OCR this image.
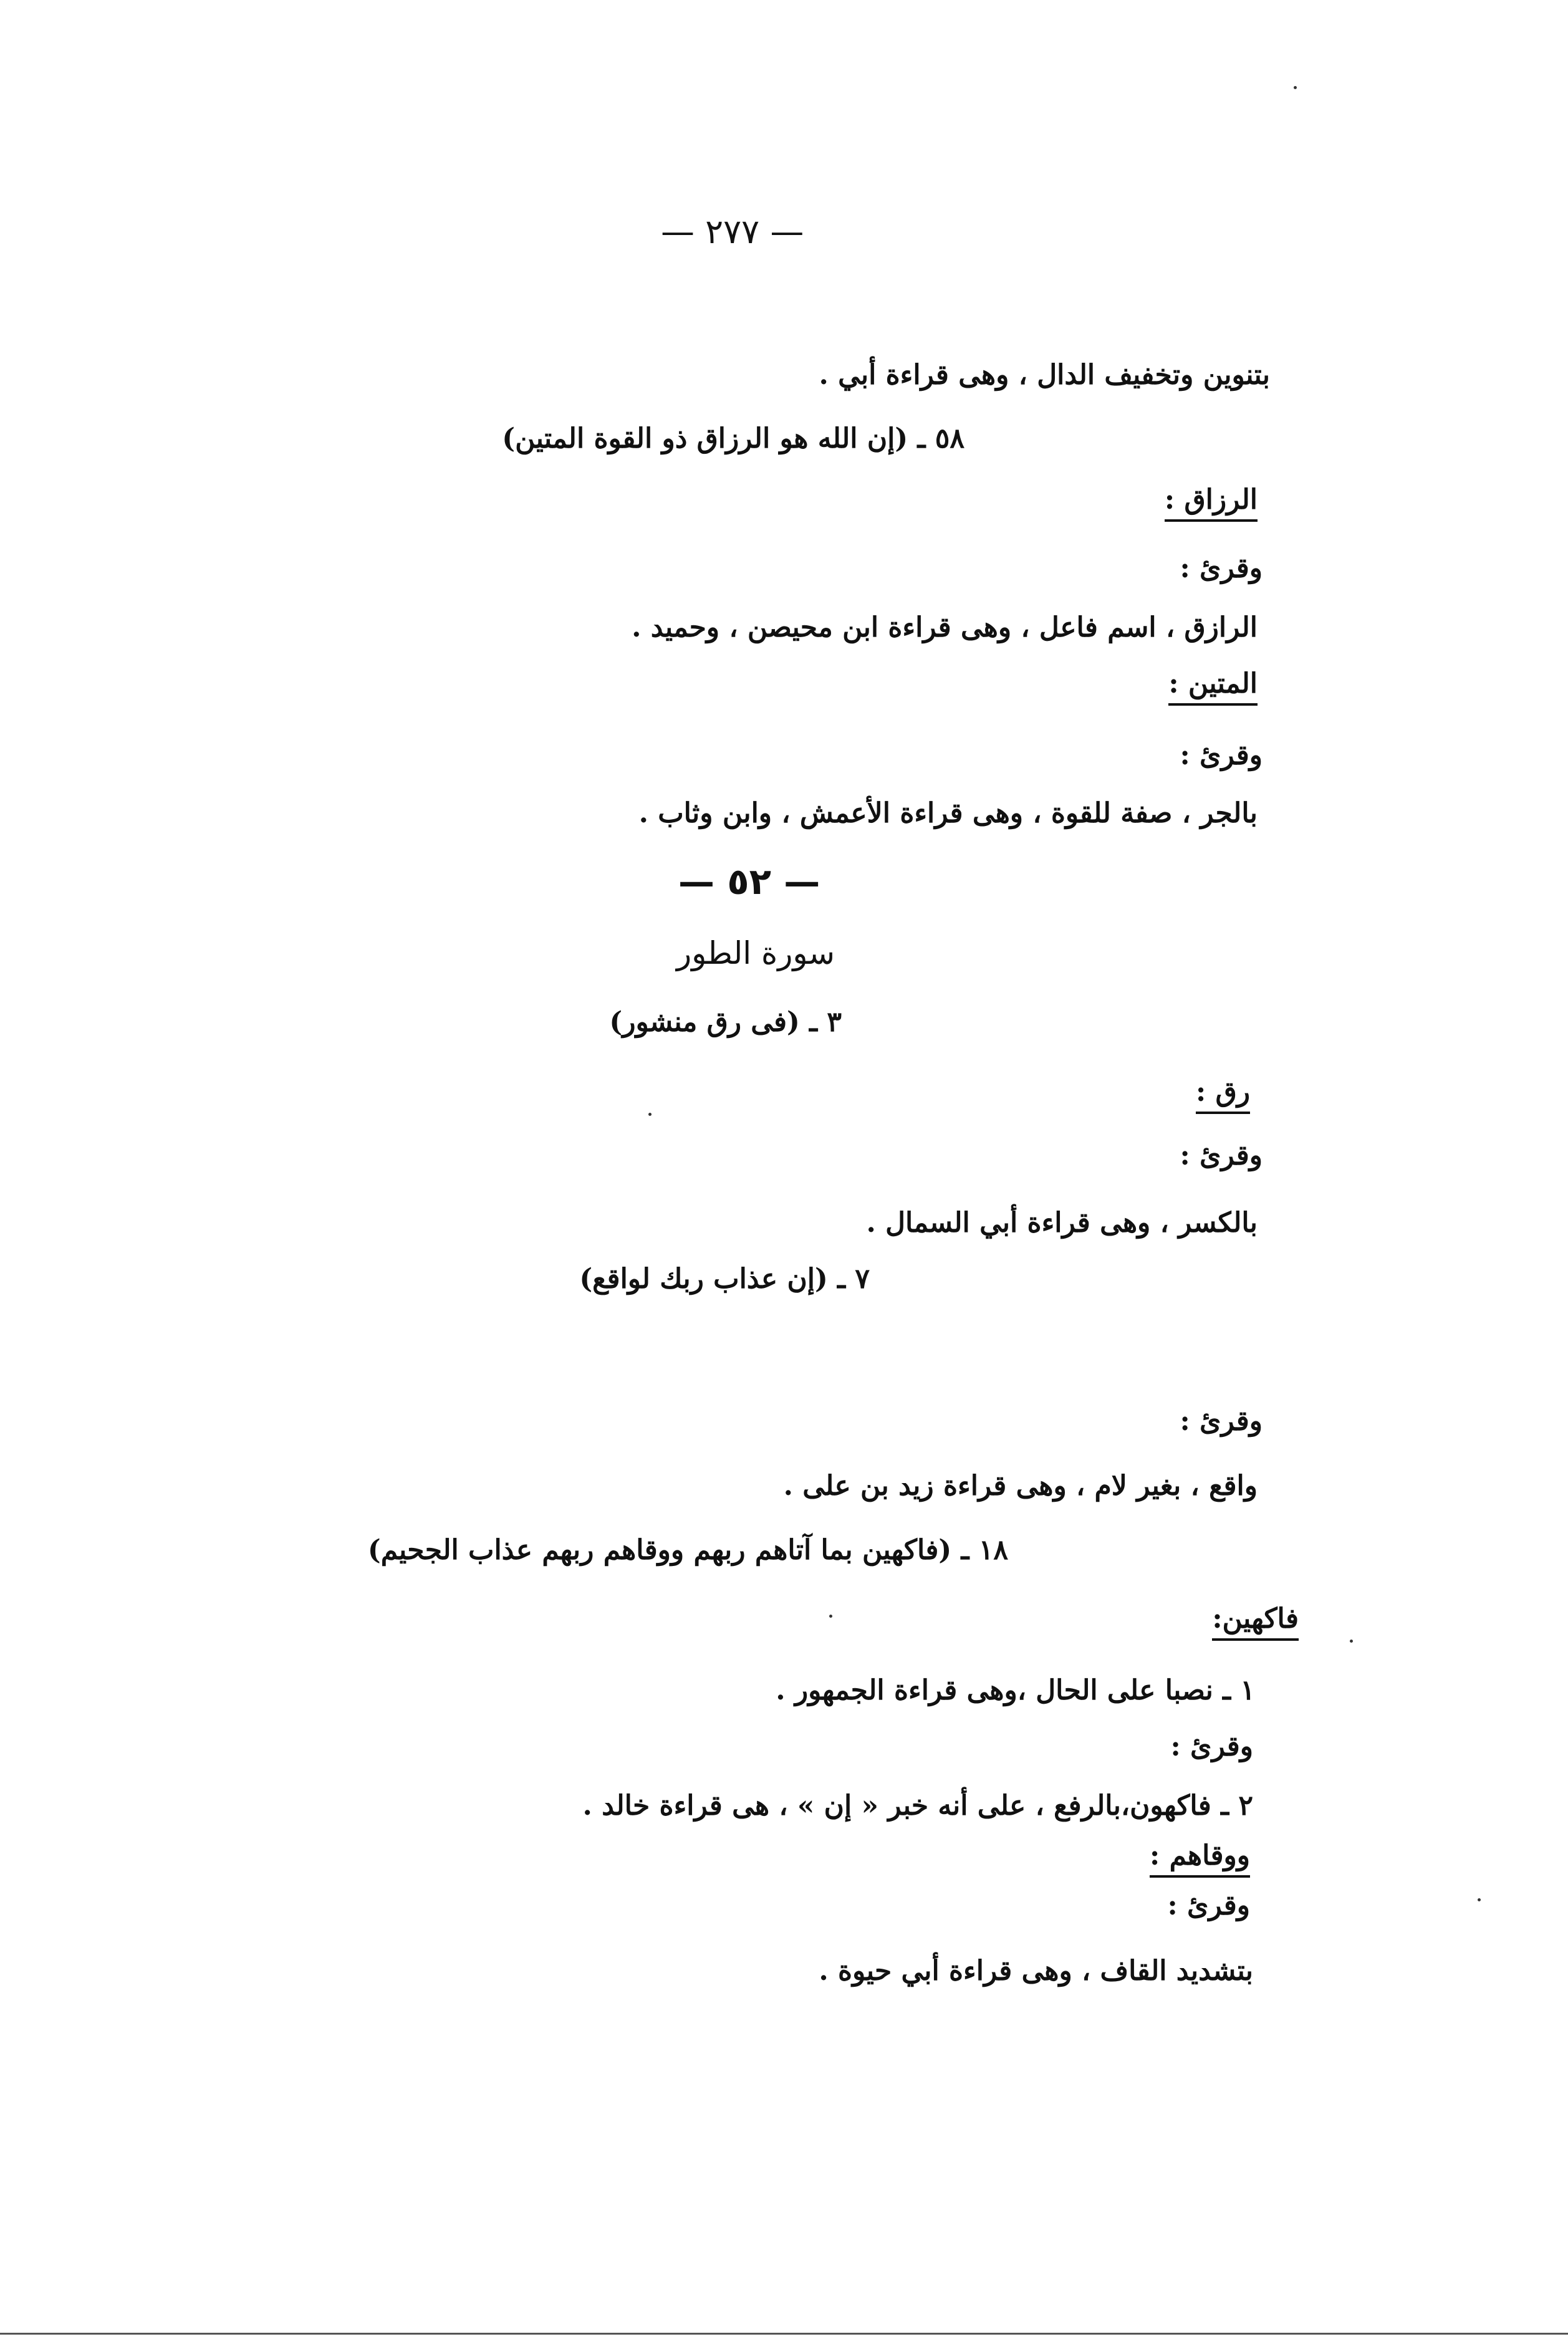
— ٢٧٧ —
بتنوين وتخفيف الدال ، وهى قراءة أبي .
٥٨ ـ (إن الله هو الرزاق ذو القوة المتين)
الرزاق :
وقرئ :
الرازق ، اسم فاعل ، وهى قراءة ابن محيصن ، وحميد .
المتين :
وقرئ :
بالجر ، صفة للقوة ، وهى قراءة الأعمش ، وابن وثاب .
— ٥٢ —
سورة الطور
٣ ـ (فى رق منشور)
رق :
وقرئ :
بالكسر ، وهى قراءة أبي السمال .
٧ ـ (إن عذاب ربك لواقع)
وقرئ :
واقع ، بغير لام ، وهى قراءة زيد بن على .
١٨ ـ (فاكهين بما آتاهم ربهم ووقاهم ربهم عذاب الجحيم)
فاكهين:
١ ـ نصبا على الحال ،وهى قراءة الجمهور .
وقرئ :
٢ ـ فاكهون،بالرفع ، على أنه خبر « إن » ، هى قراءة خالد .
ووقاهم :
وقرئ :
بتشديد القاف ، وهى قراءة أبي حيوة .
